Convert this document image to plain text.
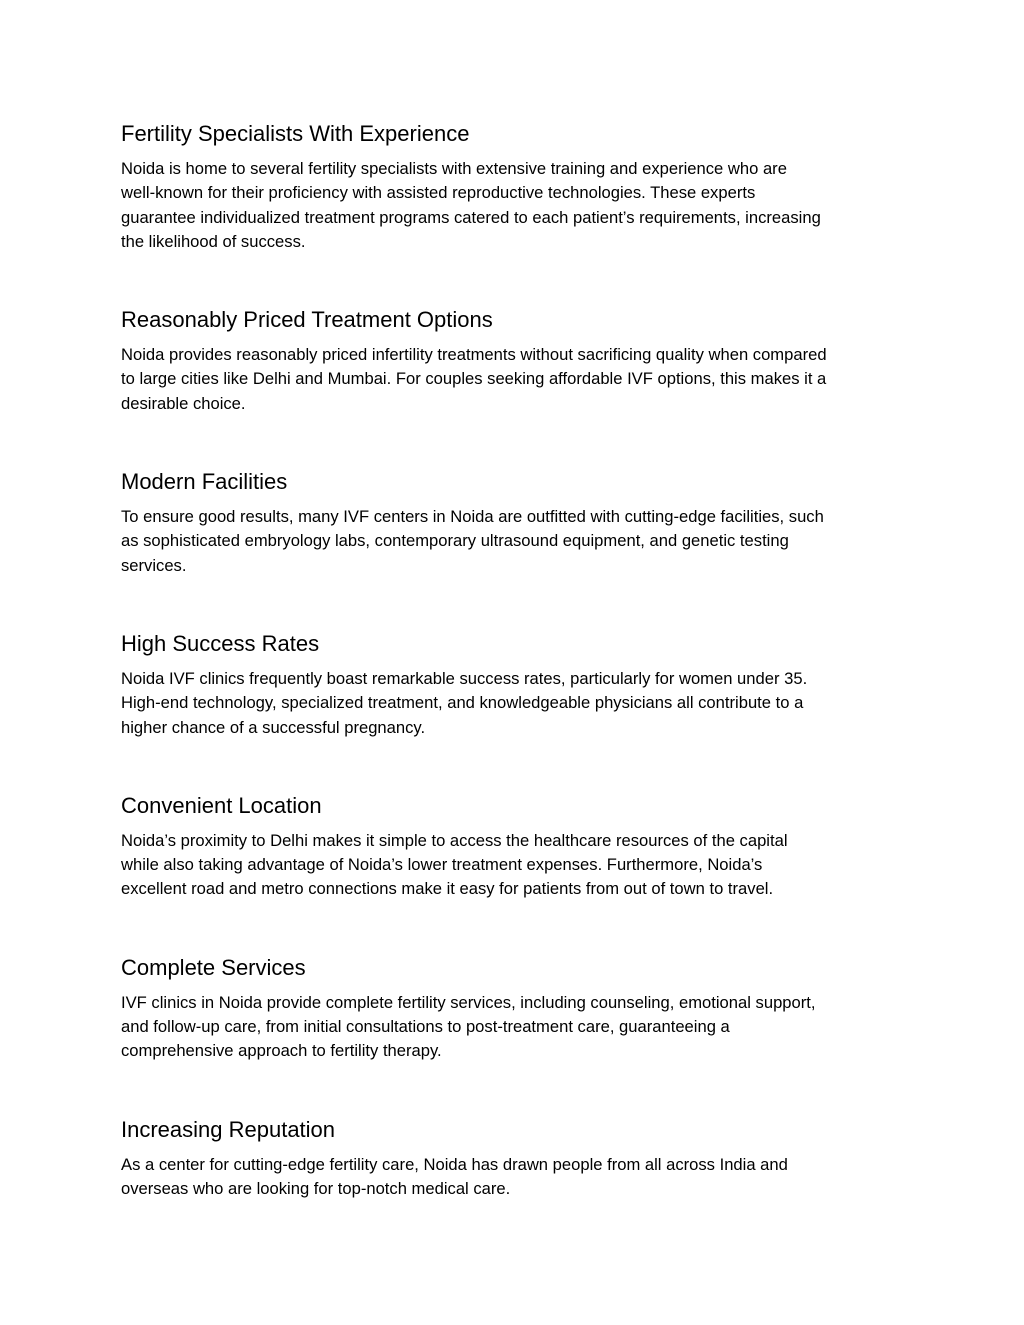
Fertility Specialists With Experience
Noida is home to several fertility specialists with extensive training and experience who are
well-known for their proficiency with assisted reproductive technologies. These experts
guarantee individualized treatment programs catered to each patient’s requirements, increasing
the likelihood of success.
Reasonably Priced Treatment Options
Noida provides reasonably priced infertility treatments without sacrificing quality when compared
to large cities like Delhi and Mumbai. For couples seeking affordable IVF options, this makes it a
desirable choice.
Modern Facilities
To ensure good results, many IVF centers in Noida are outfitted with cutting-edge facilities, such
as sophisticated embryology labs, contemporary ultrasound equipment, and genetic testing
services.
High Success Rates
Noida IVF clinics frequently boast remarkable success rates, particularly for women under 35.
High-end technology, specialized treatment, and knowledgeable physicians all contribute to a
higher chance of a successful pregnancy.
Convenient Location
Noida’s proximity to Delhi makes it simple to access the healthcare resources of the capital
while also taking advantage of Noida’s lower treatment expenses. Furthermore, Noida’s
excellent road and metro connections make it easy for patients from out of town to travel.
Complete Services
IVF clinics in Noida provide complete fertility services, including counseling, emotional support,
and follow-up care, from initial consultations to post-treatment care, guaranteeing a
comprehensive approach to fertility therapy.
Increasing Reputation
As a center for cutting-edge fertility care, Noida has drawn people from all across India and
overseas who are looking for top-notch medical care.
